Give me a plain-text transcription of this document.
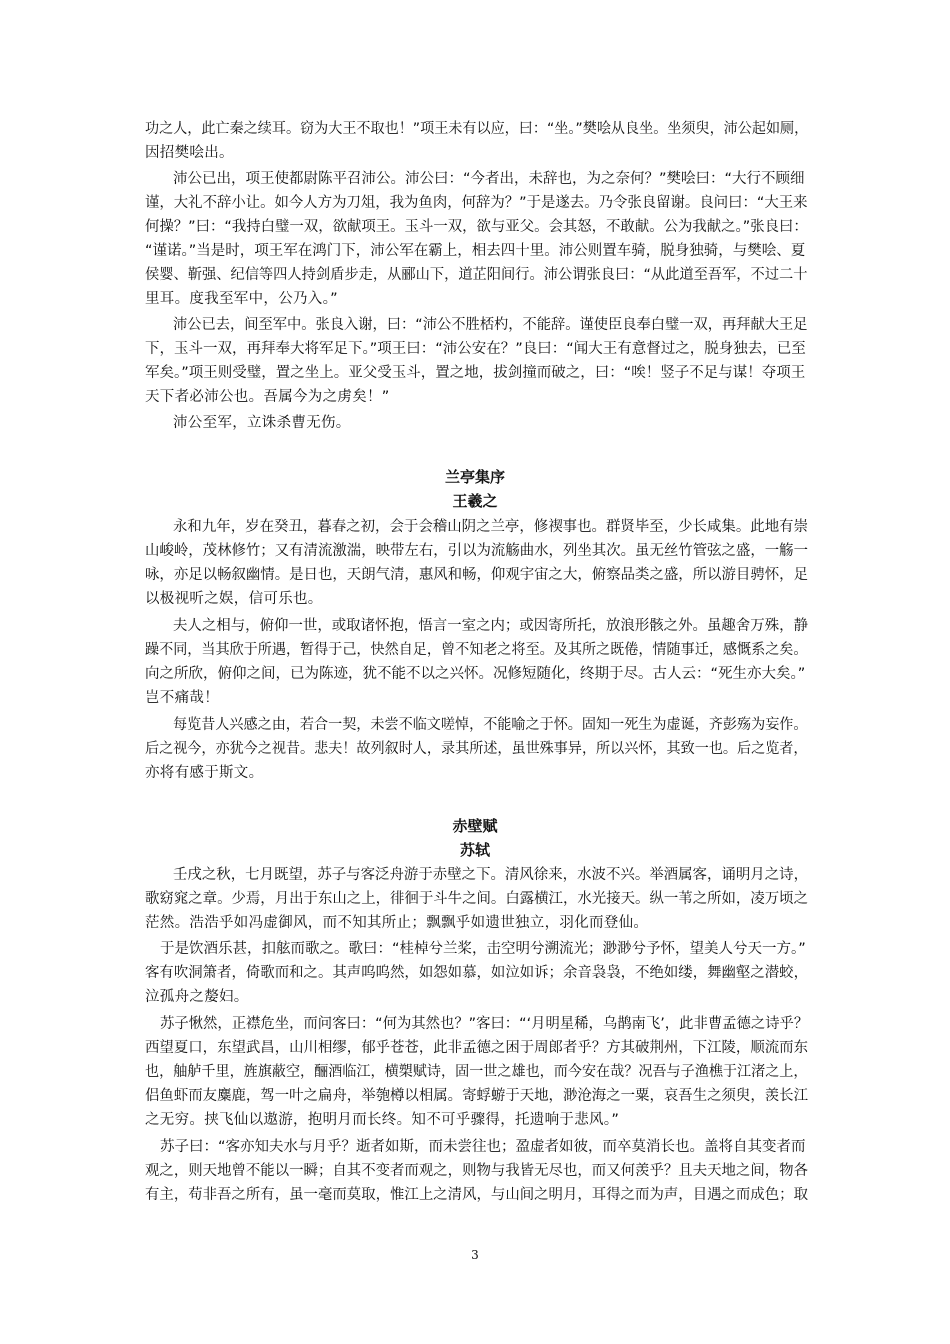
功之人，此亡秦之续耳。窃为大王不取也！”项王未有以应，曰：“坐。”樊哙从良坐。坐须臾，沛公起如厕，
因招樊哙出。
沛公已出，项王使都尉陈平召沛公。沛公曰：“今者出，未辞也，为之奈何？”樊哙曰：“大行不顾细
谨，大礼不辞小让。如今人方为刀俎，我为鱼肉，何辞为？”于是遂去。乃令张良留谢。良问曰：“大王来
何操？”曰：“我持白璧一双，欲献项王。玉斗一双，欲与亚父。会其怒，不敢献。公为我献之。”张良曰：
“谨诺。”当是时，项王军在鸿门下，沛公军在霸上，相去四十里。沛公则置车骑，脱身独骑，与樊哙、夏
侯婴、靳强、纪信等四人持剑盾步走，从郦山下，道芷阳间行。沛公谓张良曰：“从此道至吾军，不过二十
里耳。度我至军中，公乃入。”
沛公已去，间至军中。张良入谢，曰：“沛公不胜桮杓，不能辞。谨使臣良奉白璧一双，再拜献大王足
下，玉斗一双，再拜奉大将军足下。”项王曰：“沛公安在？”良曰：“闻大王有意督过之，脱身独去，已至
军矣。”项王则受璧，置之坐上。亚父受玉斗，置之地，拔剑撞而破之，曰：“唉！竖子不足与谋！夺项王
天下者必沛公也。吾属今为之虏矣！”
沛公至军，立诛杀曹无伤。
兰亭集序
王羲之
永和九年，岁在癸丑，暮春之初，会于会稽山阴之兰亭，修禊事也。群贤毕至，少长咸集。此地有崇
山峻岭，茂林修竹；又有清流激湍，映带左右，引以为流觞曲水，列坐其次。虽无丝竹管弦之盛，一觞一
咏，亦足以畅叙幽情。是日也，天朗气清，惠风和畅，仰观宇宙之大，俯察品类之盛，所以游目骋怀，足
以极视听之娱，信可乐也。
夫人之相与，俯仰一世，或取诸怀抱，悟言一室之内；或因寄所托，放浪形骸之外。虽趣舍万殊，静
躁不同，当其欣于所遇，暂得于己，快然自足，曾不知老之将至。及其所之既倦，情随事迁，感慨系之矣。
向之所欣，俯仰之间，已为陈迹，犹不能不以之兴怀。况修短随化，终期于尽。古人云：“死生亦大矣。”
岂不痛哉！
每览昔人兴感之由，若合一契，未尝不临文嗟悼，不能喻之于怀。固知一死生为虚诞，齐彭殇为妄作。
后之视今，亦犹今之视昔。悲夫！故列叙时人，录其所述，虽世殊事异，所以兴怀，其致一也。后之览者，
亦将有感于斯文。
赤壁赋
苏轼
壬戌之秋，七月既望，苏子与客泛舟游于赤壁之下。清风徐来，水波不兴。举酒属客，诵明月之诗，
歌窈窕之章。少焉，月出于东山之上，徘徊于斗牛之间。白露横江，水光接天。纵一苇之所如，凌万顷之
茫然。浩浩乎如冯虚御风，而不知其所止；飘飘乎如遗世独立，羽化而登仙。
于是饮酒乐甚，扣舷而歌之。歌曰：“桂棹兮兰桨，击空明兮溯流光；渺渺兮予怀，望美人兮天一方。”
客有吹洞箫者，倚歌而和之。其声呜呜然，如怨如慕，如泣如诉；余音袅袅，不绝如缕，舞幽壑之潜蛟，
泣孤舟之嫠妇。
苏子愀然，正襟危坐，而问客曰：“何为其然也？”客曰：“‘月明星稀，乌鹊南飞’，此非曹孟德之诗乎？
西望夏口，东望武昌，山川相缪，郁乎苍苍，此非孟德之困于周郎者乎？方其破荆州，下江陵，顺流而东
也，舳舻千里，旌旗蔽空，酾酒临江，横槊赋诗，固一世之雄也，而今安在哉？况吾与子渔樵于江渚之上，
侣鱼虾而友麋鹿，驾一叶之扁舟，举匏樽以相属。寄蜉蝣于天地，渺沧海之一粟，哀吾生之须臾，羡长江
之无穷。挟飞仙以遨游，抱明月而长终。知不可乎骤得，托遗响于悲风。”
苏子曰：“客亦知夫水与月乎？逝者如斯，而未尝往也；盈虚者如彼，而卒莫消长也。盖将自其变者而
观之，则天地曾不能以一瞬；自其不变者而观之，则物与我皆无尽也，而又何羡乎？且夫天地之间，物各
有主，苟非吾之所有，虽一毫而莫取，惟江上之清风，与山间之明月，耳得之而为声，目遇之而成色；取
3
